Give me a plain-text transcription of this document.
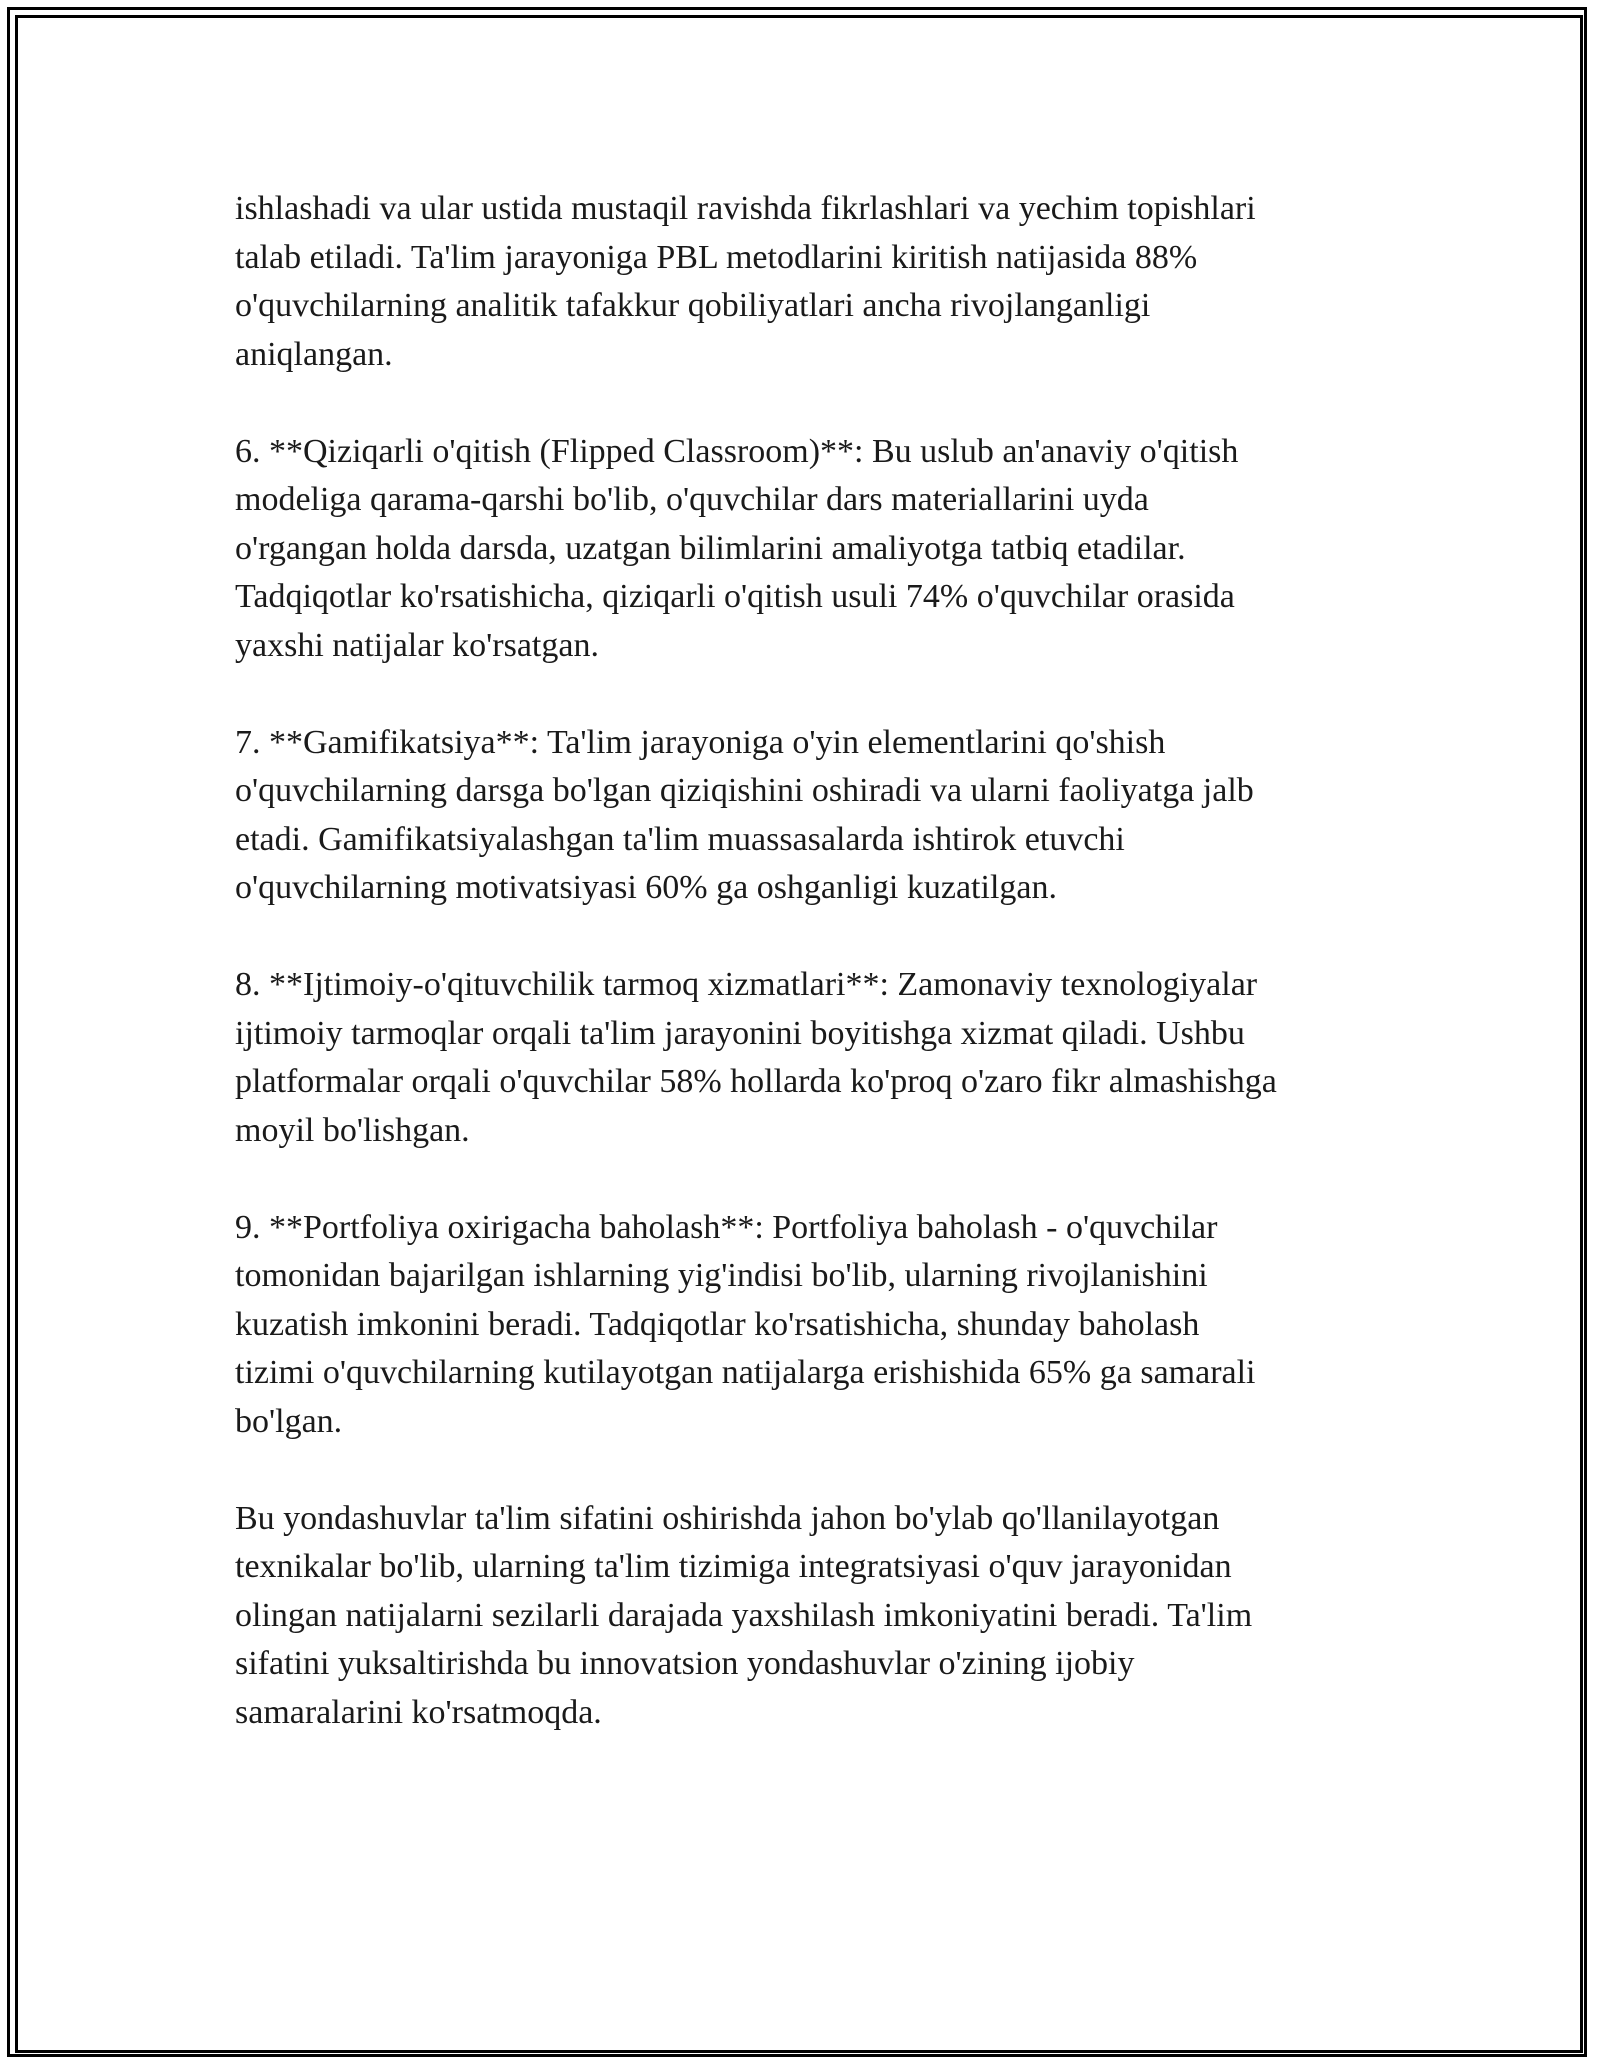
ishlashadi va ular ustida mustaqil ravishda fikrlashlari va yechim topishlari
talab etiladi. Ta'lim jarayoniga PBL metodlarini kiritish natijasida 88%
o'quvchilarning analitik tafakkur qobiliyatlari ancha rivojlanganligi
aniqlangan.

6. **Qiziqarli o'qitish (Flipped Classroom)**: Bu uslub an'anaviy o'qitish
modeliga qarama-qarshi bo'lib, o'quvchilar dars materiallarini uyda
o'rgangan holda darsda, uzatgan bilimlarini amaliyotga tatbiq etadilar.
Tadqiqotlar ko'rsatishicha, qiziqarli o'qitish usuli 74% o'quvchilar orasida
yaxshi natijalar ko'rsatgan.

7. **Gamifikatsiya**: Ta'lim jarayoniga o'yin elementlarini qo'shish
o'quvchilarning darsga bo'lgan qiziqishini oshiradi va ularni faoliyatga jalb
etadi. Gamifikatsiyalashgan ta'lim muassasalarda ishtirok etuvchi
o'quvchilarning motivatsiyasi 60% ga oshganligi kuzatilgan.

8. **Ijtimoiy-o'qituvchilik tarmoq xizmatlari**: Zamonaviy texnologiyalar
ijtimoiy tarmoqlar orqali ta'lim jarayonini boyitishga xizmat qiladi. Ushbu
platformalar orqali o'quvchilar 58% hollarda ko'proq o'zaro fikr almashishga
moyil bo'lishgan.

9. **Portfoliya oxirigacha baholash**: Portfoliya baholash - o'quvchilar
tomonidan bajarilgan ishlarning yig'indisi bo'lib, ularning rivojlanishini
kuzatish imkonini beradi. Tadqiqotlar ko'rsatishicha, shunday baholash
tizimi o'quvchilarning kutilayotgan natijalarga erishishida 65% ga samarali
bo'lgan.

Bu yondashuvlar ta'lim sifatini oshirishda jahon bo'ylab qo'llanilayotgan
texnikalar bo'lib, ularning ta'lim tizimiga integratsiyasi o'quv jarayonidan
olingan natijalarni sezilarli darajada yaxshilash imkoniyatini beradi. Ta'lim
sifatini yuksaltirishda bu innovatsion yondashuvlar o'zining ijobiy
samaralarini ko'rsatmoqda.
